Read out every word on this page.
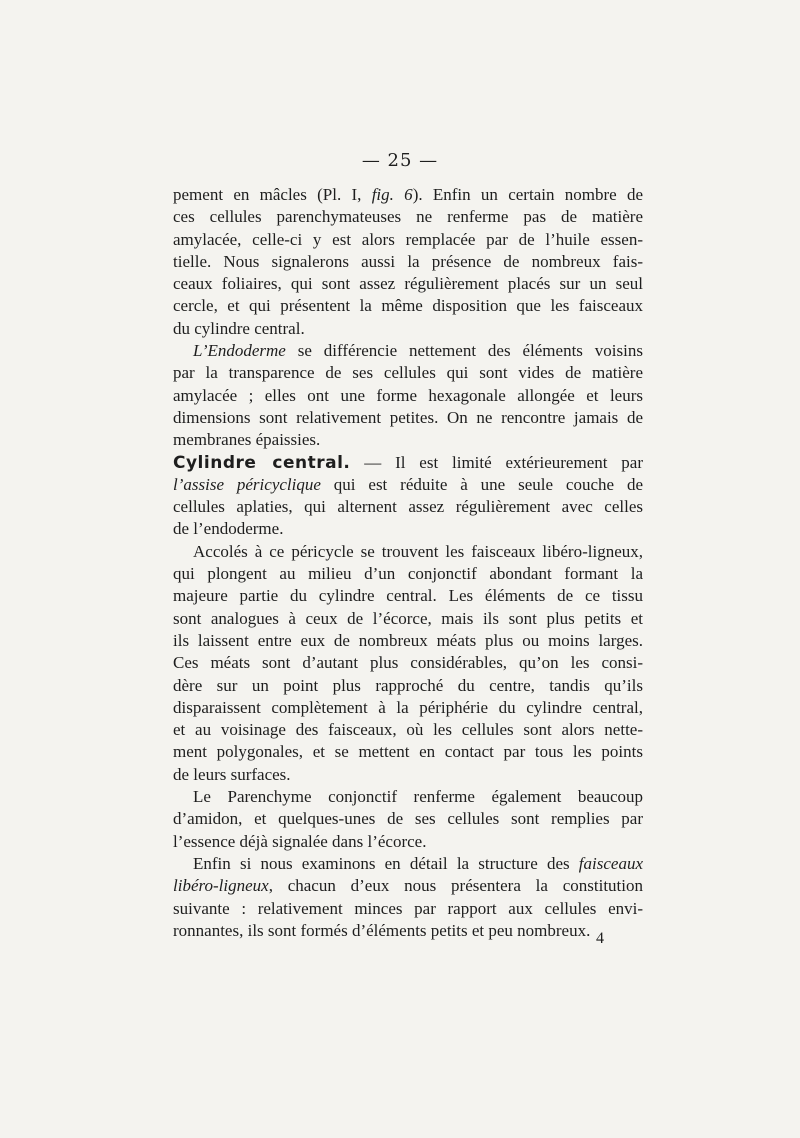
— 25 —
pement en mâcles (Pl. I, fig. 6). Enfin un certain nombre de
ces cellules parenchymateuses ne renferme pas de matière
amylacée, celle-ci y est alors remplacée par de l’huile essen-
tielle. Nous signalerons aussi la présence de nombreux fais-
ceaux foliaires, qui sont assez régulièrement placés sur un seul
cercle, et qui présentent la même disposition que les faisceaux
du cylindre central.
L’Endoderme se différencie nettement des éléments voisins
par la transparence de ses cellules qui sont vides de matière
amylacée ; elles ont une forme hexagonale allongée et leurs
dimensions sont relativement petites. On ne rencontre jamais de
membranes épaissies.
Cylindre central. — Il est limité extérieurement par
l’assise péricyclique qui est réduite à une seule couche de
cellules aplaties, qui alternent assez régulièrement avec celles
de l’endoderme.
Accolés à ce péricycle se trouvent les faisceaux libéro-ligneux,
qui plongent au milieu d’un conjonctif abondant formant la
majeure partie du cylindre central. Les éléments de ce tissu
sont analogues à ceux de l’écorce, mais ils sont plus petits et
ils laissent entre eux de nombreux méats plus ou moins larges.
Ces méats sont d’autant plus considérables, qu’on les consi-
dère sur un point plus rapproché du centre, tandis qu’ils
disparaissent complètement à la périphérie du cylindre central,
et au voisinage des faisceaux, où les cellules sont alors nette-
ment polygonales, et se mettent en contact par tous les points
de leurs surfaces.
Le Parenchyme conjonctif renferme également beaucoup
d’amidon, et quelques-unes de ses cellules sont remplies par
l’essence déjà signalée dans l’écorce.
Enfin si nous examinons en détail la structure des faisceaux
libéro-ligneux, chacun d’eux nous présentera la constitution
suivante : relativement minces par rapport aux cellules envi-
ronnantes, ils sont formés d’éléments petits et peu nombreux. 4
